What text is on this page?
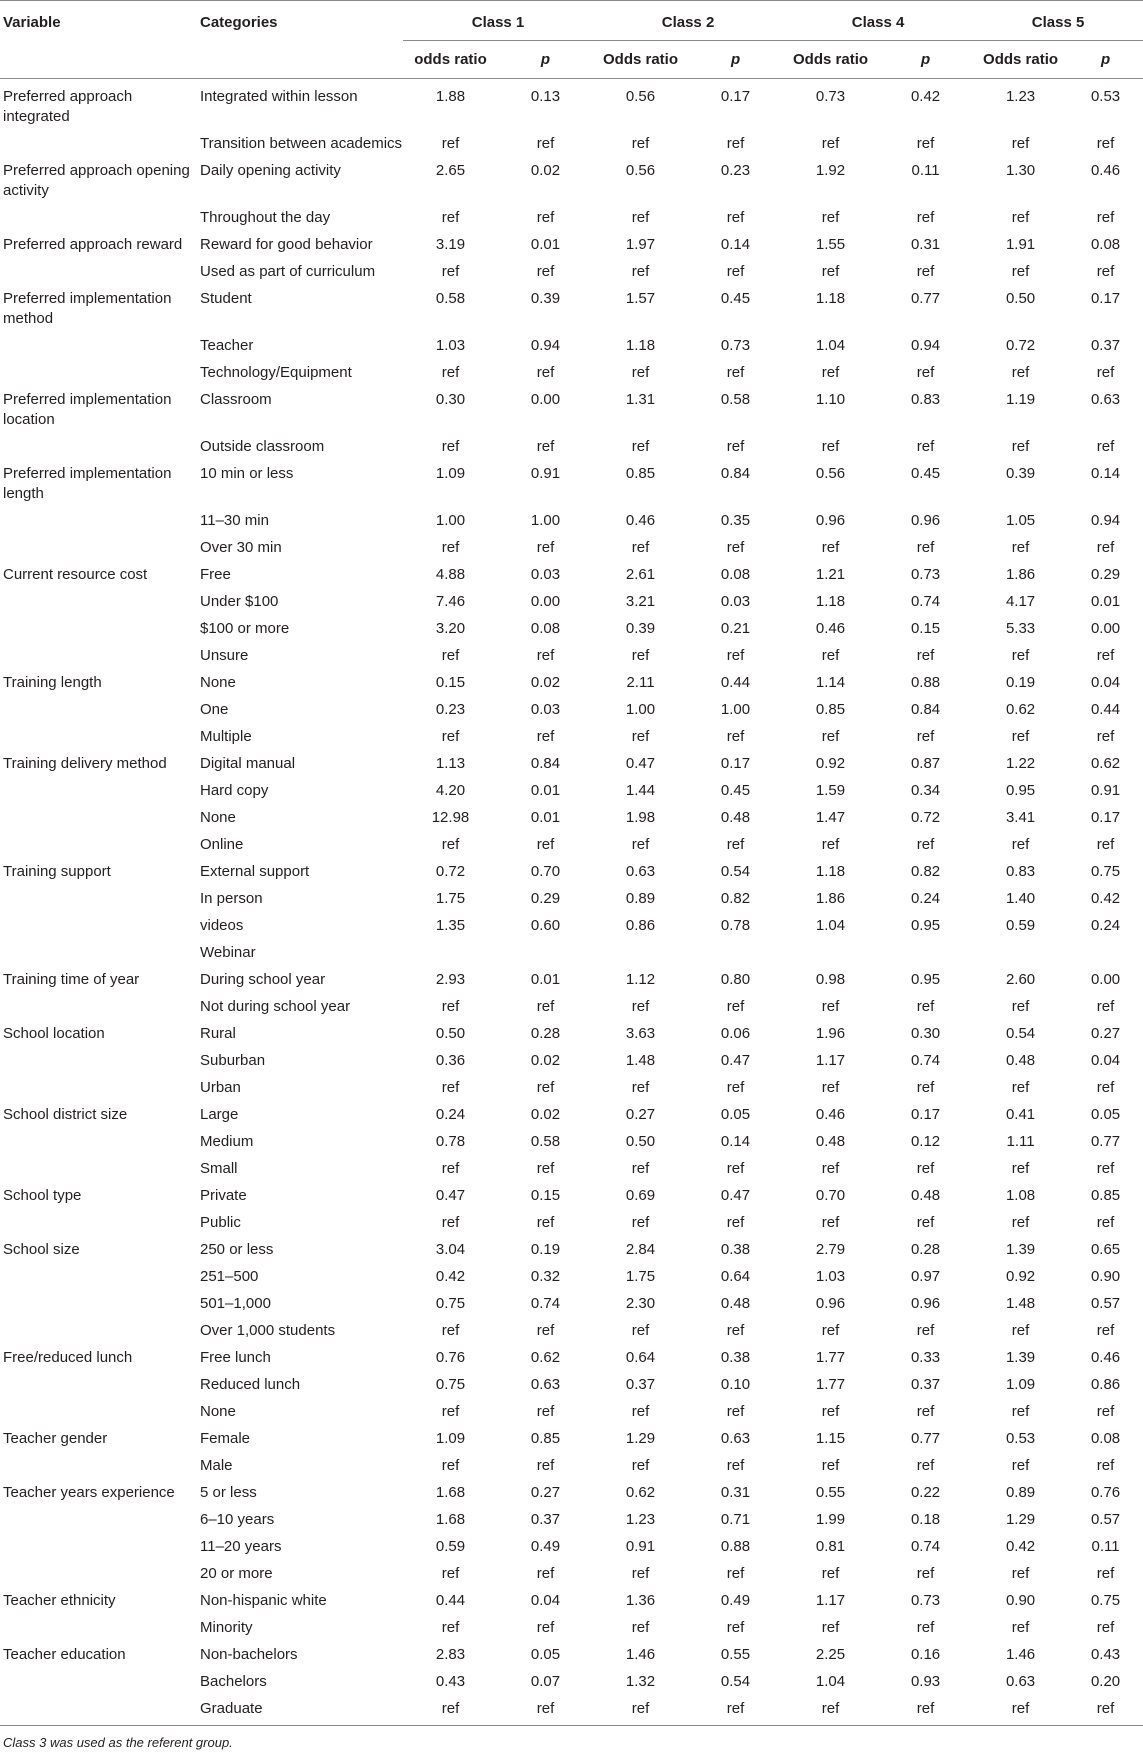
Variable	Categories	Class 1		Class 2		Class 4		Class 5	
		odds ratio	p	Odds ratio	p	Odds ratio	p	Odds ratio	p
Preferred approach integrated	Integrated within lesson	1.88	0.13	0.56	0.17	0.73	0.42	1.23	0.53
	Transition between academics	ref	ref	ref	ref	ref	ref	ref	ref
Preferred approach opening activity	Daily opening activity	2.65	0.02	0.56	0.23	1.92	0.11	1.30	0.46
	Throughout the day	ref	ref	ref	ref	ref	ref	ref	ref
Preferred approach reward	Reward for good behavior	3.19	0.01	1.97	0.14	1.55	0.31	1.91	0.08
	Used as part of curriculum	ref	ref	ref	ref	ref	ref	ref	ref
Preferred implementation method	Student	0.58	0.39	1.57	0.45	1.18	0.77	0.50	0.17
	Teacher	1.03	0.94	1.18	0.73	1.04	0.94	0.72	0.37
	Technology/Equipment	ref	ref	ref	ref	ref	ref	ref	ref
Preferred implementation location	Classroom	0.30	0.00	1.31	0.58	1.10	0.83	1.19	0.63
	Outside classroom	ref	ref	ref	ref	ref	ref	ref	ref
Preferred implementation length	10 min or less	1.09	0.91	0.85	0.84	0.56	0.45	0.39	0.14
	11–30 min	1.00	1.00	0.46	0.35	0.96	0.96	1.05	0.94
	Over 30 min	ref	ref	ref	ref	ref	ref	ref	ref
Current resource cost	Free	4.88	0.03	2.61	0.08	1.21	0.73	1.86	0.29
	Under $100	7.46	0.00	3.21	0.03	1.18	0.74	4.17	0.01
	$100 or more	3.20	0.08	0.39	0.21	0.46	0.15	5.33	0.00
	Unsure	ref	ref	ref	ref	ref	ref	ref	ref
Training length	None	0.15	0.02	2.11	0.44	1.14	0.88	0.19	0.04
	One	0.23	0.03	1.00	1.00	0.85	0.84	0.62	0.44
	Multiple	ref	ref	ref	ref	ref	ref	ref	ref
Training delivery method	Digital manual	1.13	0.84	0.47	0.17	0.92	0.87	1.22	0.62
	Hard copy	4.20	0.01	1.44	0.45	1.59	0.34	0.95	0.91
	None	12.98	0.01	1.98	0.48	1.47	0.72	3.41	0.17
	Online	ref	ref	ref	ref	ref	ref	ref	ref
Training support	External support	0.72	0.70	0.63	0.54	1.18	0.82	0.83	0.75
	In person	1.75	0.29	0.89	0.82	1.86	0.24	1.40	0.42
	videos	1.35	0.60	0.86	0.78	1.04	0.95	0.59	0.24
	Webinar								
Training time of year	During school year	2.93	0.01	1.12	0.80	0.98	0.95	2.60	0.00
	Not during school year	ref	ref	ref	ref	ref	ref	ref	ref
School location	Rural	0.50	0.28	3.63	0.06	1.96	0.30	0.54	0.27
	Suburban	0.36	0.02	1.48	0.47	1.17	0.74	0.48	0.04
	Urban	ref	ref	ref	ref	ref	ref	ref	ref
School district size	Large	0.24	0.02	0.27	0.05	0.46	0.17	0.41	0.05
	Medium	0.78	0.58	0.50	0.14	0.48	0.12	1.11	0.77
	Small	ref	ref	ref	ref	ref	ref	ref	ref
School type	Private	0.47	0.15	0.69	0.47	0.70	0.48	1.08	0.85
	Public	ref	ref	ref	ref	ref	ref	ref	ref
School size	250 or less	3.04	0.19	2.84	0.38	2.79	0.28	1.39	0.65
	251–500	0.42	0.32	1.75	0.64	1.03	0.97	0.92	0.90
	501–1,000	0.75	0.74	2.30	0.48	0.96	0.96	1.48	0.57
	Over 1,000 students	ref	ref	ref	ref	ref	ref	ref	ref
Free/reduced lunch	Free lunch	0.76	0.62	0.64	0.38	1.77	0.33	1.39	0.46
	Reduced lunch	0.75	0.63	0.37	0.10	1.77	0.37	1.09	0.86
	None	ref	ref	ref	ref	ref	ref	ref	ref
Teacher gender	Female	1.09	0.85	1.29	0.63	1.15	0.77	0.53	0.08
	Male	ref	ref	ref	ref	ref	ref	ref	ref
Teacher years experience	5 or less	1.68	0.27	0.62	0.31	0.55	0.22	0.89	0.76
	6–10 years	1.68	0.37	1.23	0.71	1.99	0.18	1.29	0.57
	11–20 years	0.59	0.49	0.91	0.88	0.81	0.74	0.42	0.11
	20 or more	ref	ref	ref	ref	ref	ref	ref	ref
Teacher ethnicity	Non-hispanic white	0.44	0.04	1.36	0.49	1.17	0.73	0.90	0.75
	Minority	ref	ref	ref	ref	ref	ref	ref	ref
Teacher education	Non-bachelors	2.83	0.05	1.46	0.55	2.25	0.16	1.46	0.43
	Bachelors	0.43	0.07	1.32	0.54	1.04	0.93	0.63	0.20
	Graduate	ref	ref	ref	ref	ref	ref	ref	ref
Class 3 was used as the referent group.
